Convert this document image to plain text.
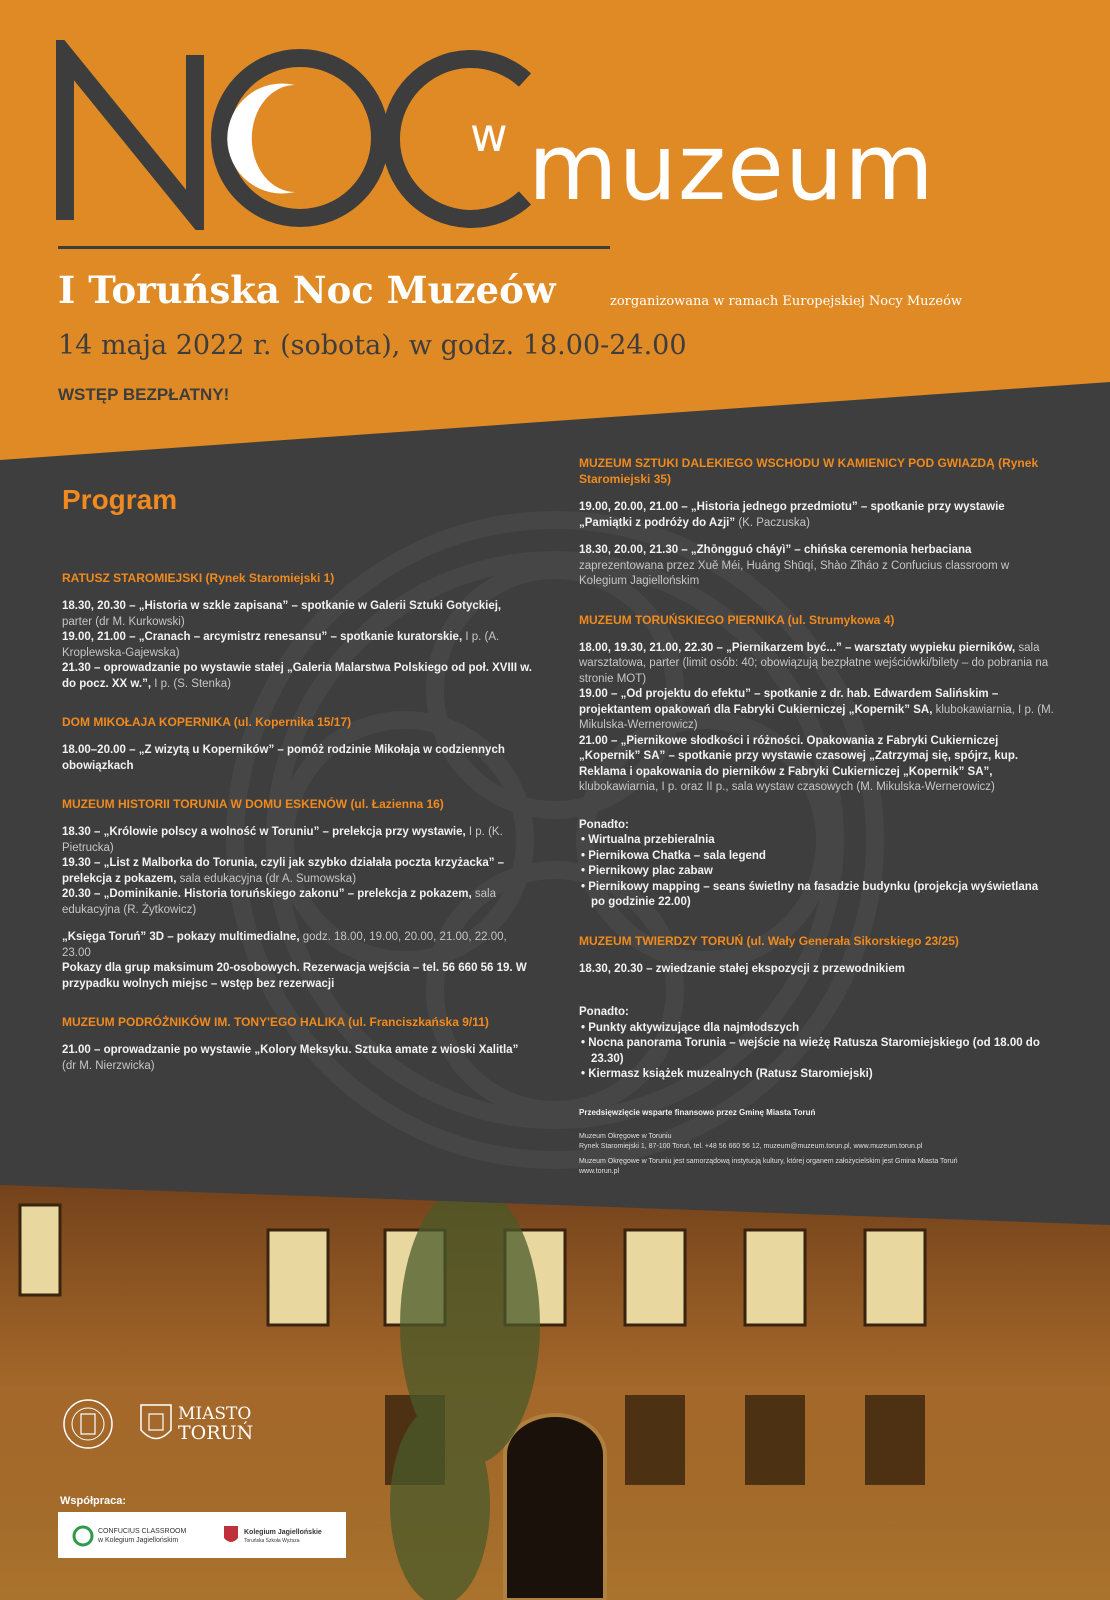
w muzeum
I Toruńska Noc Muzeów	zorganizowana w ramach Europejskiej Nocy Muzeów
14 maja 2022 r. (sobota), w godz. 18.00-24.00
WSTĘP BEZPŁATNY!
Program
RATUSZ STAROMIEJSKI (Rynek Staromiejski 1)
18.30, 20.30 – „Historia w szkle zapisana” – spotkanie w Galerii Sztuki Gotyckiej, parter (dr M. Kurkowski)
19.00, 21.00 – „Cranach – arcymistrz renesansu” – spotkanie kuratorskie, I p. (A. Kroplewska-Gajewska)
21.30 – oprowadzanie po wystawie stałej „Galeria Malarstwa Polskiego od poł. XVIII w. do pocz. XX w.”, I p. (S. Stenka)
DOM MIKOŁAJA KOPERNIKA (ul. Kopernika 15/17)
18.00–20.00 – „Z wizytą u Koperników” – pomóż rodzinie Mikołaja w codziennych obowiązkach
MUZEUM HISTORII TORUNIA W DOMU ESKENÓW (ul. Łazienna 16)
18.30 – „Królowie polscy a wolność w Toruniu” – prelekcja przy wystawie, I p. (K. Pietrucka)
19.30 – „List z Malborka do Torunia, czyli jak szybko działała poczta krzyżacka” – prelekcja z pokazem, sala edukacyjna (dr A. Sumowska)
20.30 – „Dominikanie. Historia toruńskiego zakonu” – prelekcja z pokazem, sala edukacyjna (R. Żytkowicz)
„Księga Toruń” 3D – pokazy multimedialne, godz. 18.00, 19.00, 20.00, 21.00, 22.00, 23.00
Pokazy dla grup maksimum 20-osobowych. Rezerwacja wejścia – tel. 56 660 56 19. W przypadku wolnych miejsc – wstęp bez rezerwacji
MUZEUM PODRÓŻNIKÓW IM. TONY'EGO HALIKA (ul. Franciszkańska 9/11)
21.00 – oprowadzanie po wystawie „Kolory Meksyku. Sztuka amate z wioski Xalitla” (dr M. Nierzwicka)
MUZEUM SZTUKI DALEKIEGO WSCHODU W KAMIENICY POD GWIAZDĄ (Rynek Staromiejski 35)
19.00, 20.00, 21.00 – „Historia jednego przedmiotu” – spotkanie przy wystawie „Pamiątki z podróży do Azji” (K. Paczuska)
18.30, 20.00, 21.30 – „Zhōngguó cháyì” – chińska ceremonia herbaciana zaprezentowana przez Xuě Méi, Huáng Shūqí, Shào Zǐháo z Confucius classroom w Kolegium Jagiellońskim
MUZEUM TORUŃSKIEGO PIERNIKA (ul. Strumykowa 4)
18.00, 19.30, 21.00, 22.30 – „Piernikarzem być...” – warsztaty wypieku pierników, sala warsztatowa, parter (limit osób: 40; obowiązują bezpłatne wejściówki/bilety – do pobrania na stronie MOT)
19.00 – „Od projektu do efektu” – spotkanie z dr. hab. Edwardem Salińskim – projektantem opakowań dla Fabryki Cukierniczej „Kopernik” SA, klubokawiarnia, I p. (M. Mikulska-Wernerowicz)
21.00 – „Piernikowe słodkości i różności. Opakowania z Fabryki Cukierniczej „Kopernik” SA” – spotkanie przy wystawie czasowej „Zatrzymaj się, spójrz, kup. Reklama i opakowania do pierników z Fabryki Cukierniczej „Kopernik” SA”, klubokawiarnia, I p. oraz II p., sala wystaw czasowych (M. Mikulska-Wernerowicz)
Ponadto:
• Wirtualna przebieralnia
• Piernikowa Chatka – sala legend
• Piernikowy plac zabaw
• Piernikowy mapping – seans świetlny na fasadzie budynku (projekcja wyświetlana po godzinie 22.00)
MUZEUM TWIERDZY TORUŃ (ul. Wały Generała Sikorskiego 23/25)
18.30, 20.30 – zwiedzanie stałej ekspozycji z przewodnikiem
Ponadto:
• Punkty aktywizujące dla najmłodszych
• Nocna panorama Torunia – wejście na wieżę Ratusza Staromiejskiego (od 18.00 do 23.30)
• Kiermasz książek muzealnych (Ratusz Staromiejski)
Przedsięwzięcie wsparte finansowo przez Gminę Miasta Toruń
Muzeum Okręgowe w Toruniu
Rynek Staromiejski 1, 87-100 Toruń, tel. +48 56 660 56 12, muzeum@muzeum.torun.pl, www.muzeum.torun.pl
Muzeum Okręgowe w Toruniu jest samorządową instytucją kultury, której organem założycielskim jest Gmina Miasta Toruń
www.torun.pl
MIASTO
TORUŃ
Współpraca:
CONFUCIUS CLASSROOM
w Kolegium Jagiellońskim
Kolegium Jagiellońskie
Toruńska Szkoła Wyższa
